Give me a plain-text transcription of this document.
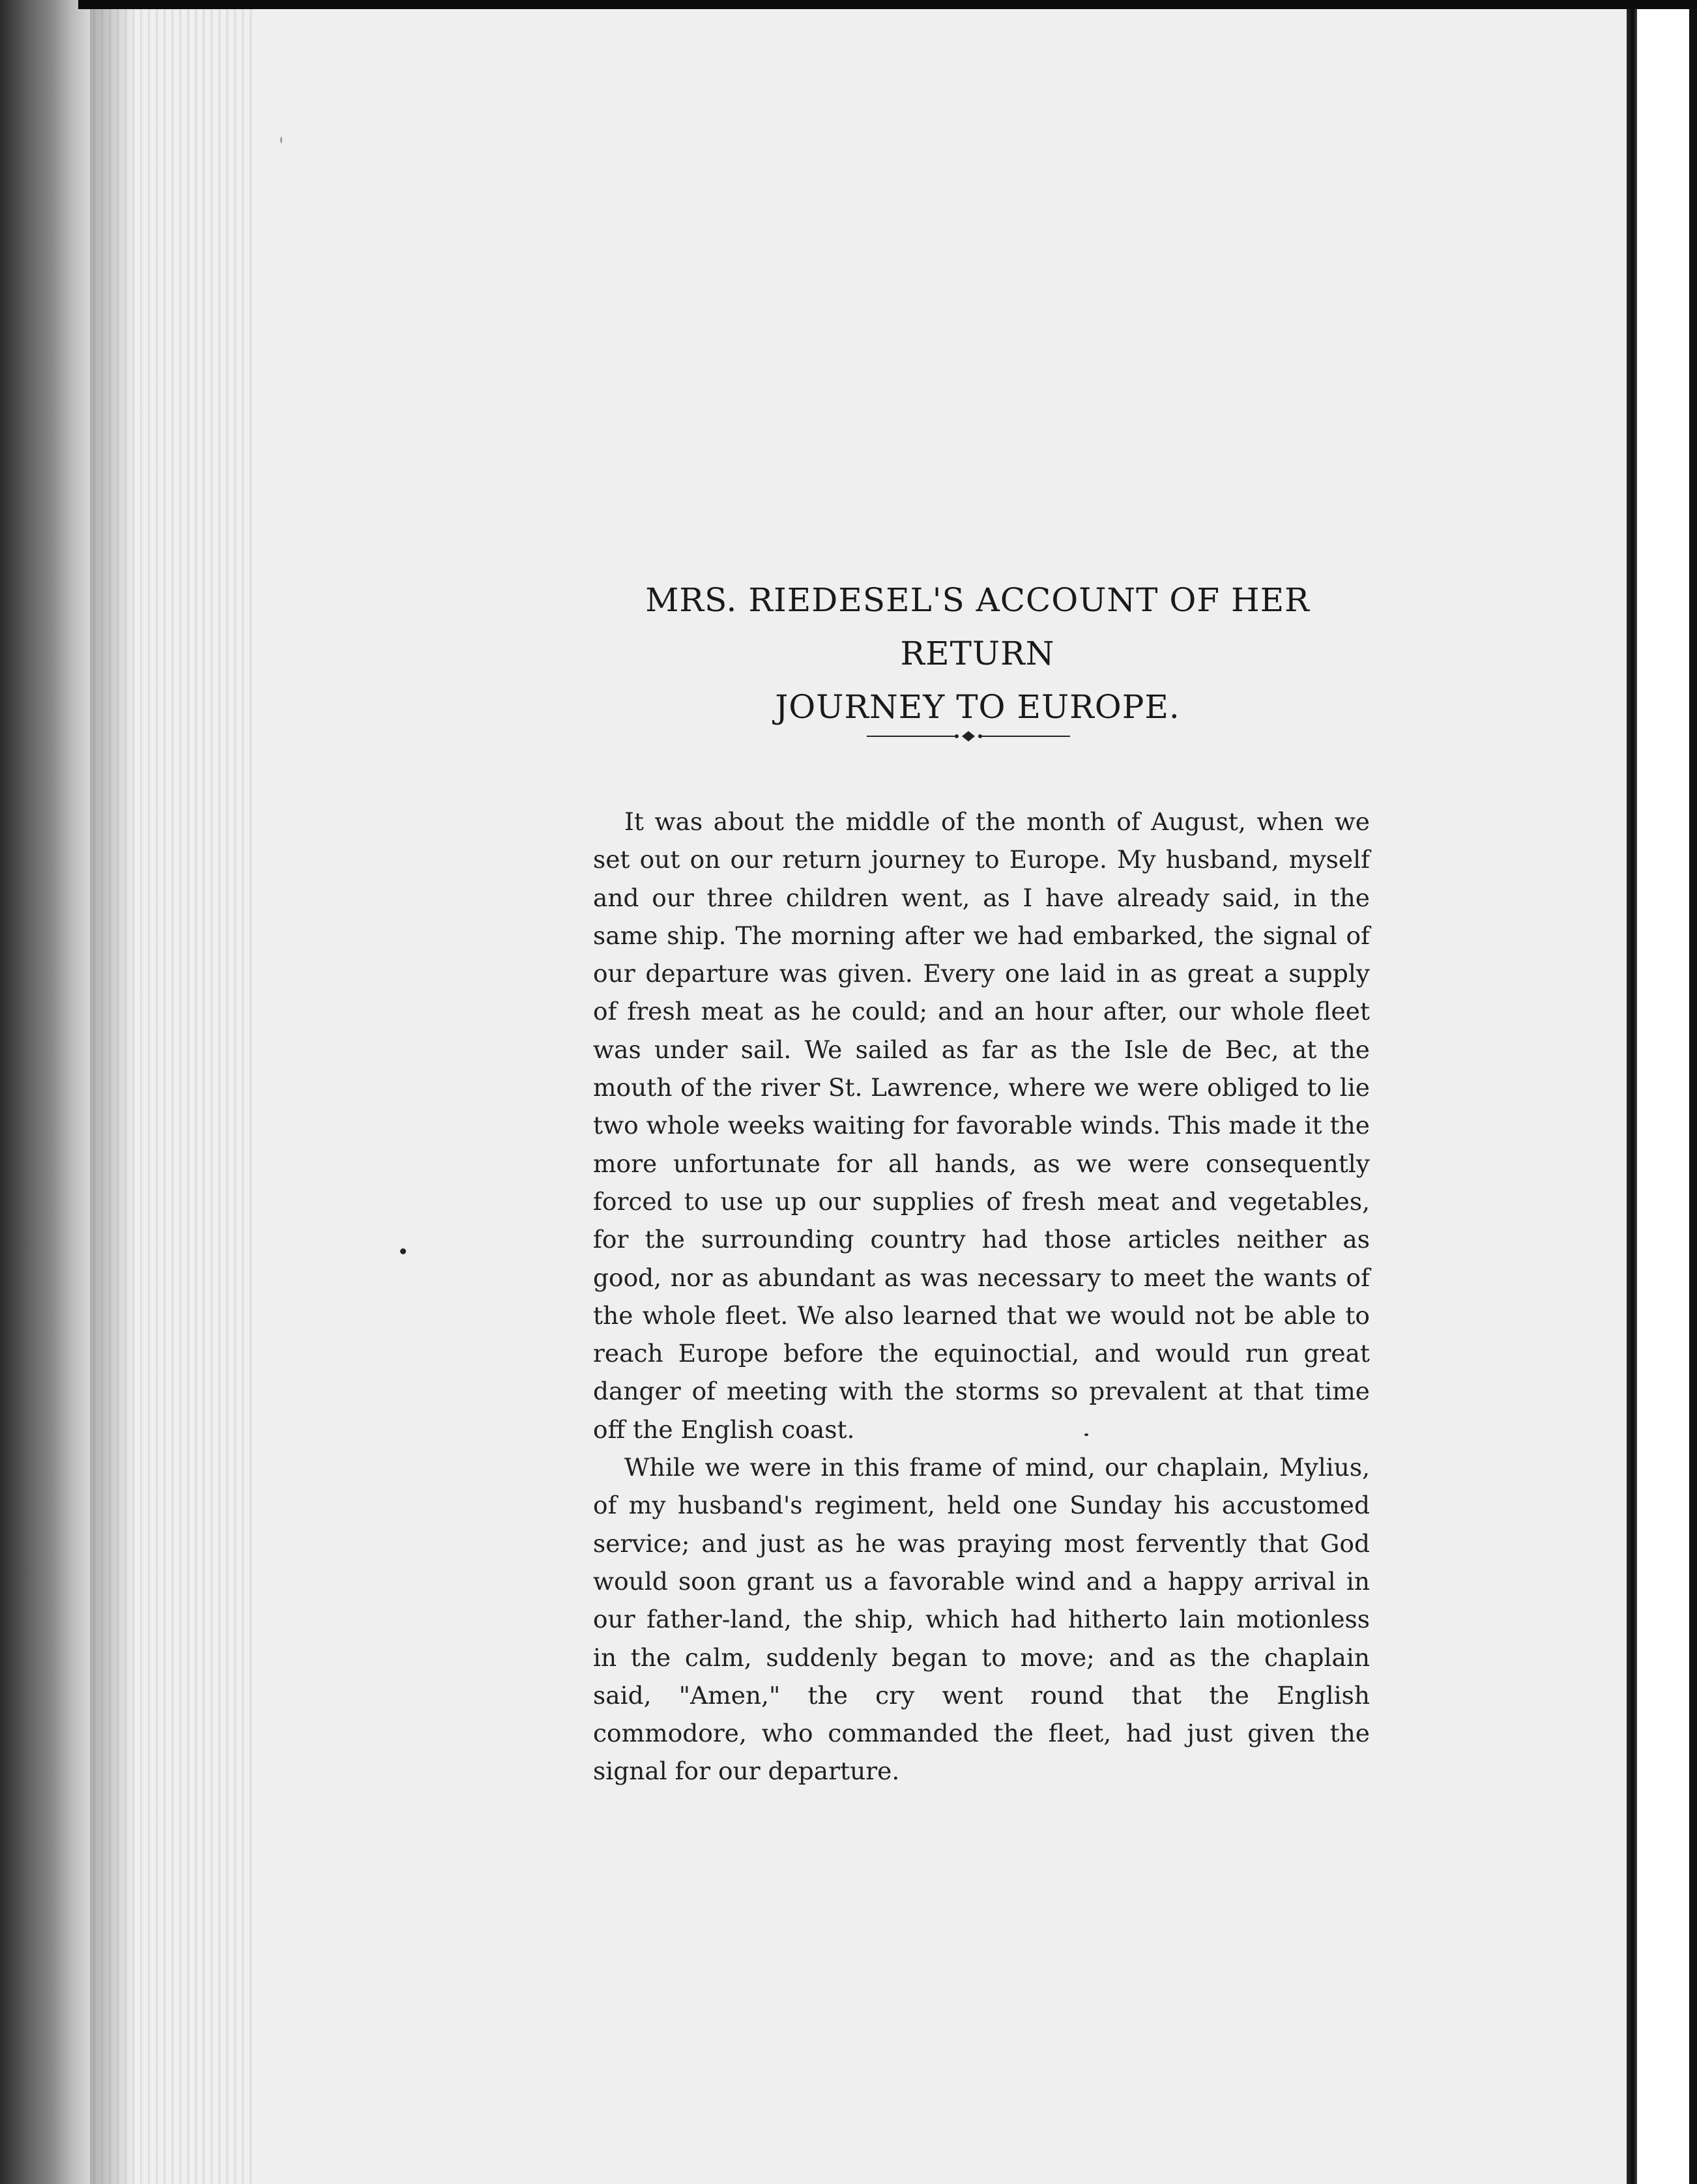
MRS. RIEDESEL'S ACCOUNT OF HER RETURN
JOURNEY TO EUROPE.

It was about the middle of the month of August, when we set out on our return journey to Europe. My husband, myself and our three children went, as I have already said, in the same ship. The morning after we had embarked, the signal of our departure was given. Every one laid in as great a supply of fresh meat as he could; and an hour after, our whole fleet was under sail. We sailed as far as the Isle de Bec, at the mouth of the river St. Lawrence, where we were obliged to lie two whole weeks waiting for favorable winds. This made it the more unfortunate for all hands, as we were consequently forced to use up our supplies of fresh meat and vegetables, for the surrounding country had those articles neither as good, nor as abundant as was necessary to meet the wants of the whole fleet. We also learned that we would not be able to reach Europe before the equinoctial, and would run great danger of meeting with the storms so prevalent at that time off the English coast.

While we were in this frame of mind, our chaplain, Mylius, of my husband's regiment, held one Sunday his accustomed service; and just as he was praying most fervently that God would soon grant us a favorable wind and a happy arrival in our father-land, the ship, which had hitherto lain motionless in the calm, suddenly began to move; and as the chaplain said, "Amen," the cry went round that the English commodore, who commanded the fleet, had just given the signal for our departure.
